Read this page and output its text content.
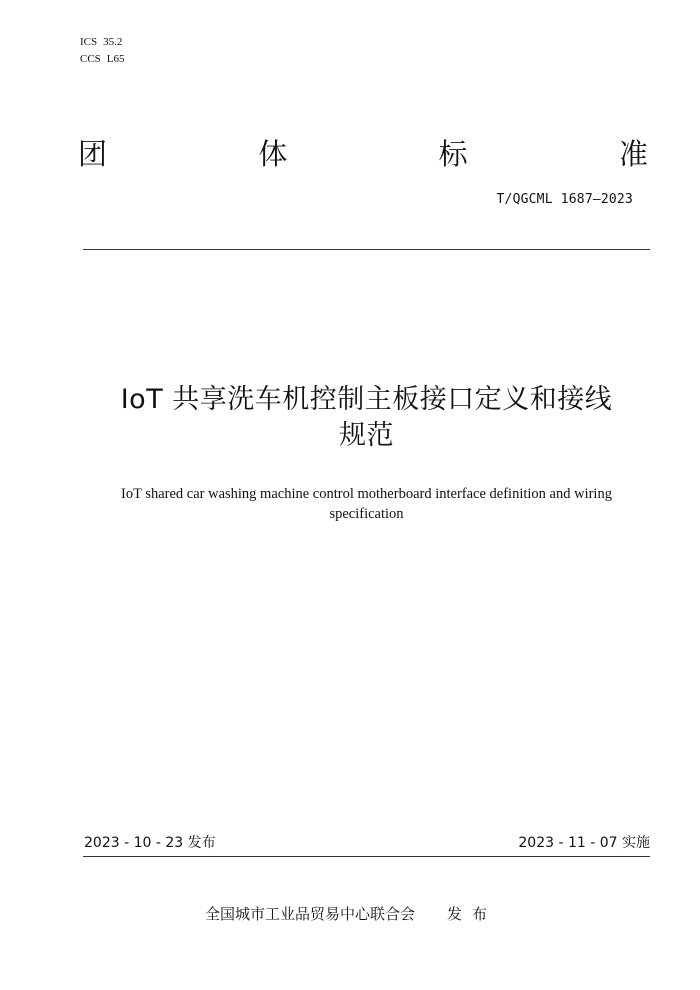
ICS 35.2
CCS L65
团	体	标	准
T/QGCML 1687—2023
IoT 共享洗车机控制主板接口定义和接线
规范
IoT shared car washing machine control motherboard interface definition and wiring
specification
2023 - 10 - 23 发布	2023 - 11 - 07 实施
全国城市工业品贸易中心联合会 发布
